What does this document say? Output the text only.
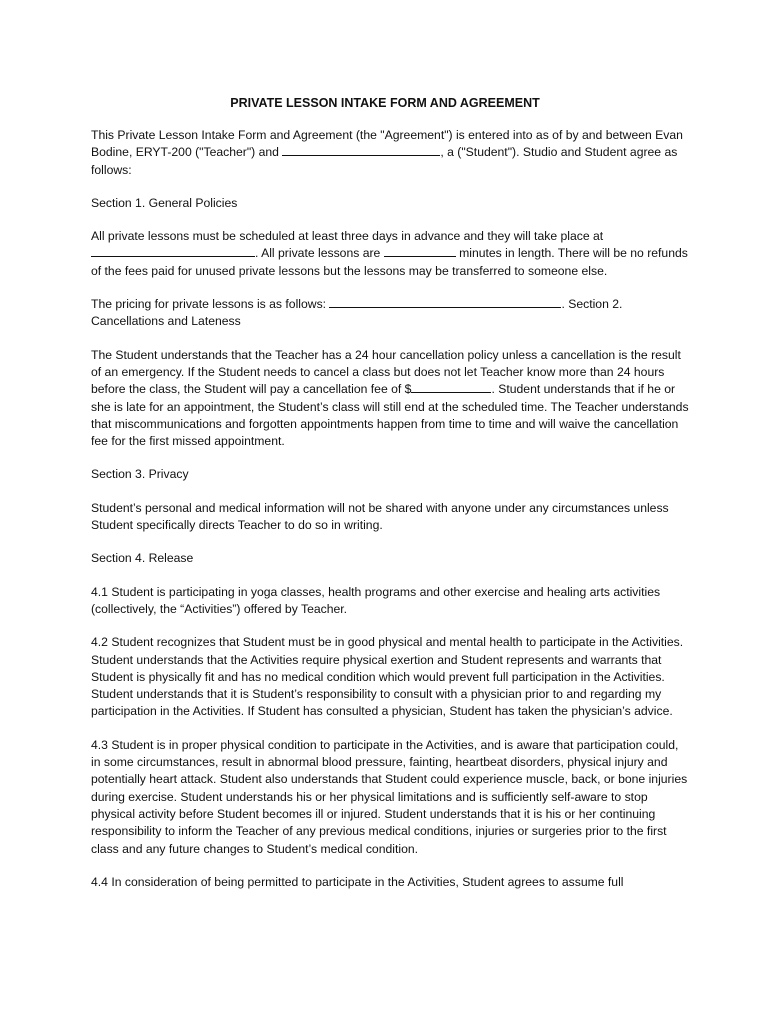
PRIVATE LESSON INTAKE FORM AND AGREEMENT

This Private Lesson Intake Form and Agreement (the "Agreement") is entered into as of by and between Evan Bodine, ERYT-200 ("Teacher") and	, a ("Student"). Studio and Student agree as follows:

Section 1. General Policies

All private lessons must be scheduled at least three days in advance and they will take place at . All private lessons are	minutes in length. There will be no refunds of the fees paid for unused private lessons but the lessons may be transferred to someone else.

The pricing for private lessons is as follows:	. Section 2. Cancellations and Lateness

The Student understands that the Teacher has a 24 hour cancellation policy unless a cancellation is the result of an emergency. If the Student needs to cancel a class but does not let Teacher know more than 24 hours before the class, the Student will pay a cancellation fee of $	. Student understands that if he or she is late for an appointment, the Student’s class will still end at the scheduled time. The Teacher understands that miscommunications and forgotten appointments happen from time to time and will waive the cancellation fee for the first missed appointment.

Section 3. Privacy

Student’s personal and medical information will not be shared with anyone under any circumstances unless Student specifically directs Teacher to do so in writing.

Section 4. Release

4.1 Student is participating in yoga classes, health programs and other exercise and healing arts activities (collectively, the “Activities”) offered by Teacher.

4.2 Student recognizes that Student must be in good physical and mental health to participate in the Activities. Student understands that the Activities require physical exertion and Student represents and warrants that Student is physically fit and has no medical condition which would prevent full participation in the Activities. Student understands that it is Student’s responsibility to consult with a physician prior to and regarding my participation in the Activities. If Student has consulted a physician, Student has taken the physician’s advice.

4.3 Student is in proper physical condition to participate in the Activities, and is aware that participation could, in some circumstances, result in abnormal blood pressure, fainting, heartbeat disorders, physical injury and potentially heart attack. Student also understands that Student could experience muscle, back, or bone injuries during exercise. Student understands his or her physical limitations and is sufficiently self-aware to stop physical activity before Student becomes ill or injured. Student understands that it is his or her continuing responsibility to inform the Teacher of any previous medical conditions, injuries or surgeries prior to the first class and any future changes to Student’s medical condition.

4.4 In consideration of being permitted to participate in the Activities, Student agrees to assume full
